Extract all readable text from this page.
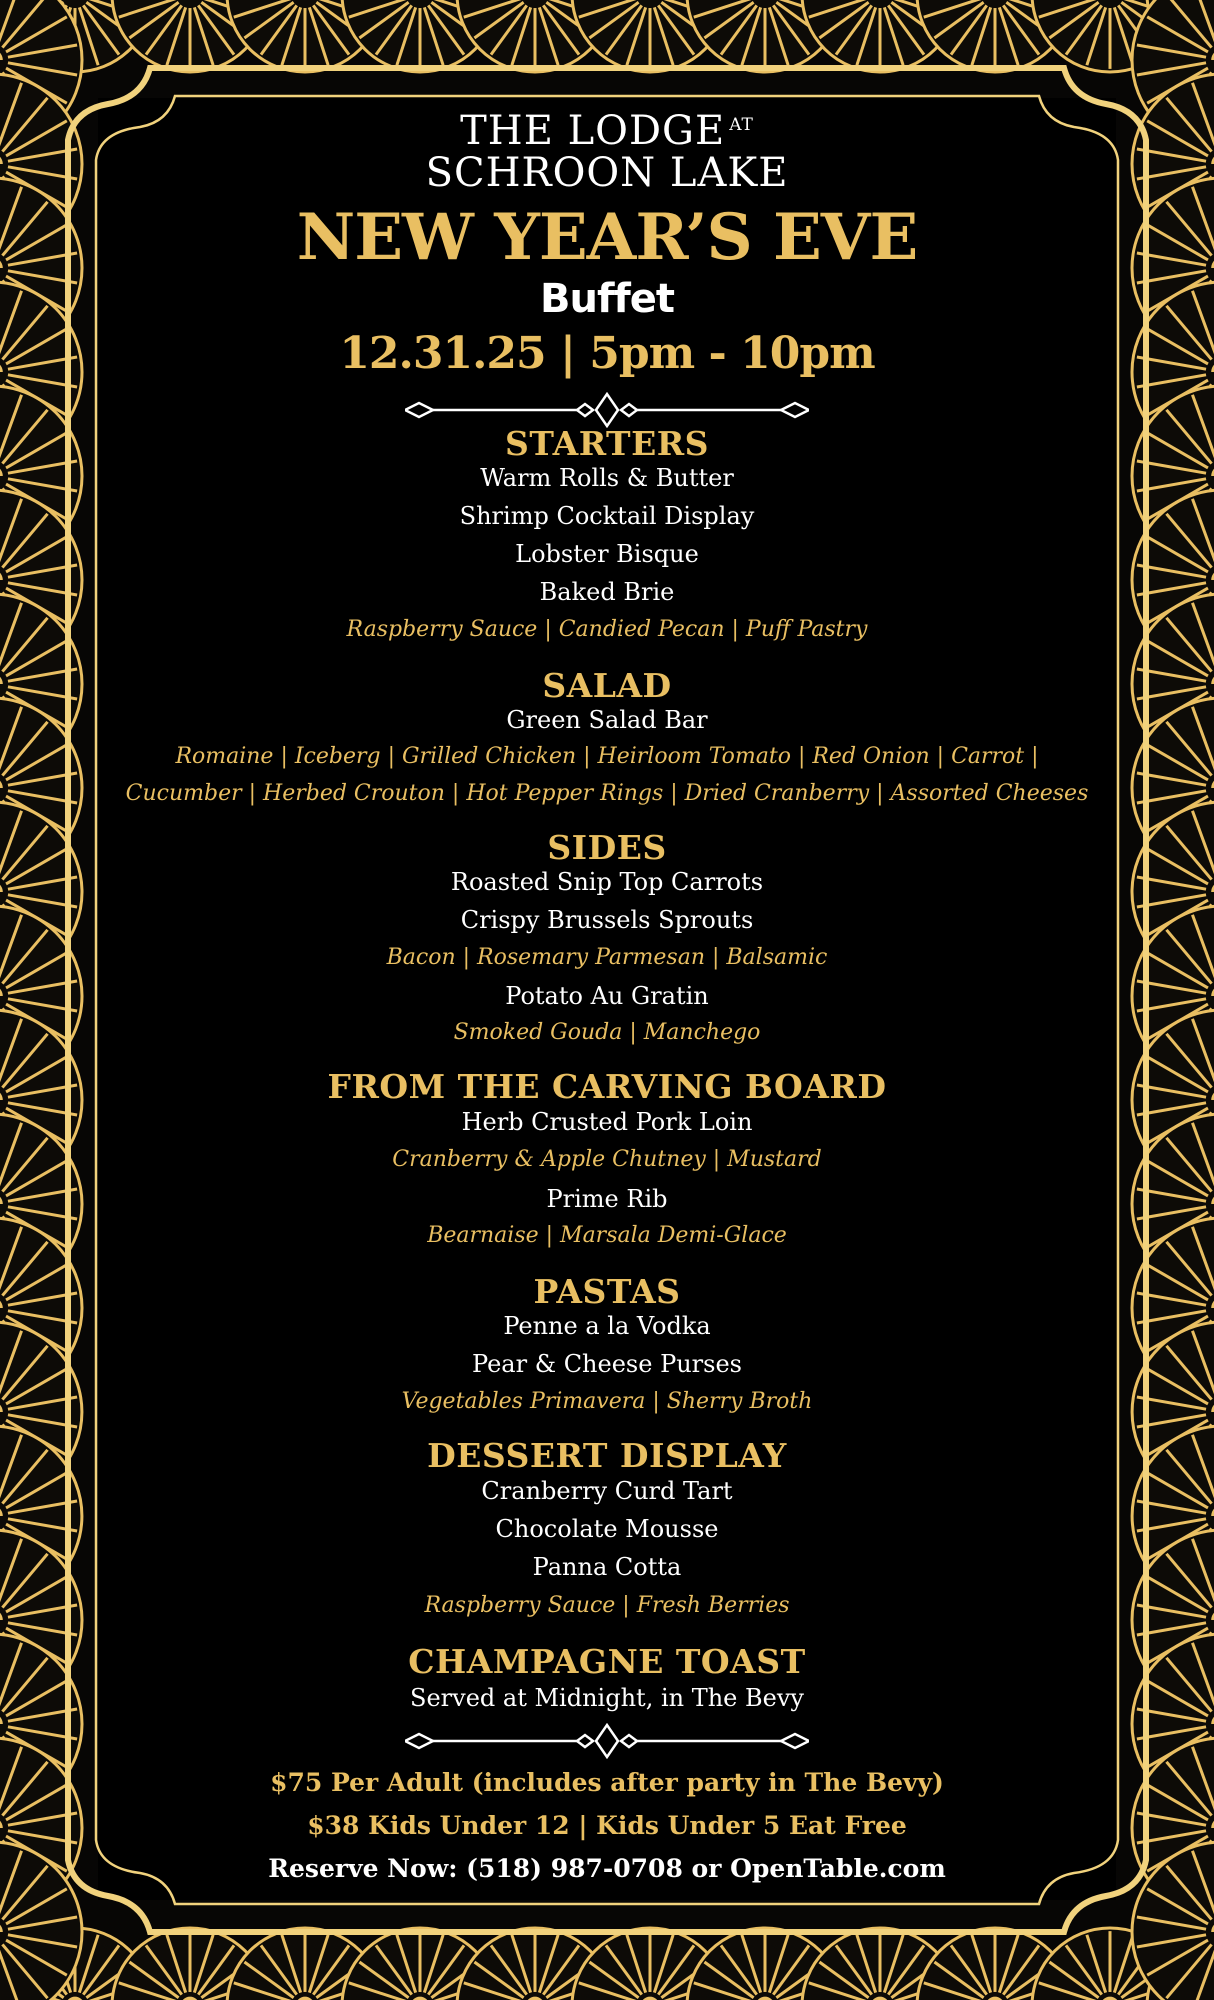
THE LODGE $^{AT}$
SCHROON LAKE
NEW YEAR’S EVE
Buffet
12.31.25 | 5pm - 10pm
STARTERS
Warm Rolls & Butter
Shrimp Cocktail Display
Lobster Bisque
Baked Brie
Raspberry Sauce | Candied Pecan | Puff Pastry
SALAD
Green Salad Bar
Romaine | Iceberg | Grilled Chicken | Heirloom Tomato | Red Onion | Carrot |
Cucumber | Herbed Crouton | Hot Pepper Rings | Dried Cranberry | Assorted Cheeses
SIDES
Roasted Snip Top Carrots
Crispy Brussels Sprouts
Bacon | Rosemary Parmesan | Balsamic
Potato Au Gratin
Smoked Gouda | Manchego
FROM THE CARVING BOARD
Herb Crusted Pork Loin
Cranberry & Apple Chutney | Mustard
Prime Rib
Bearnaise | Marsala Demi-Glace
PASTAS
Penne a la Vodka
Pear & Cheese Purses
Vegetables Primavera | Sherry Broth
DESSERT DISPLAY
Cranberry Curd Tart
Chocolate Mousse
Panna Cotta
Raspberry Sauce | Fresh Berries
CHAMPAGNE TOAST
Served at Midnight, in The Bevy
$75 Per Adult (includes after party in The Bevy)
$38 Kids Under 12 | Kids Under 5 Eat Free
Reserve Now: (518) 987-0708 or OpenTable.com
